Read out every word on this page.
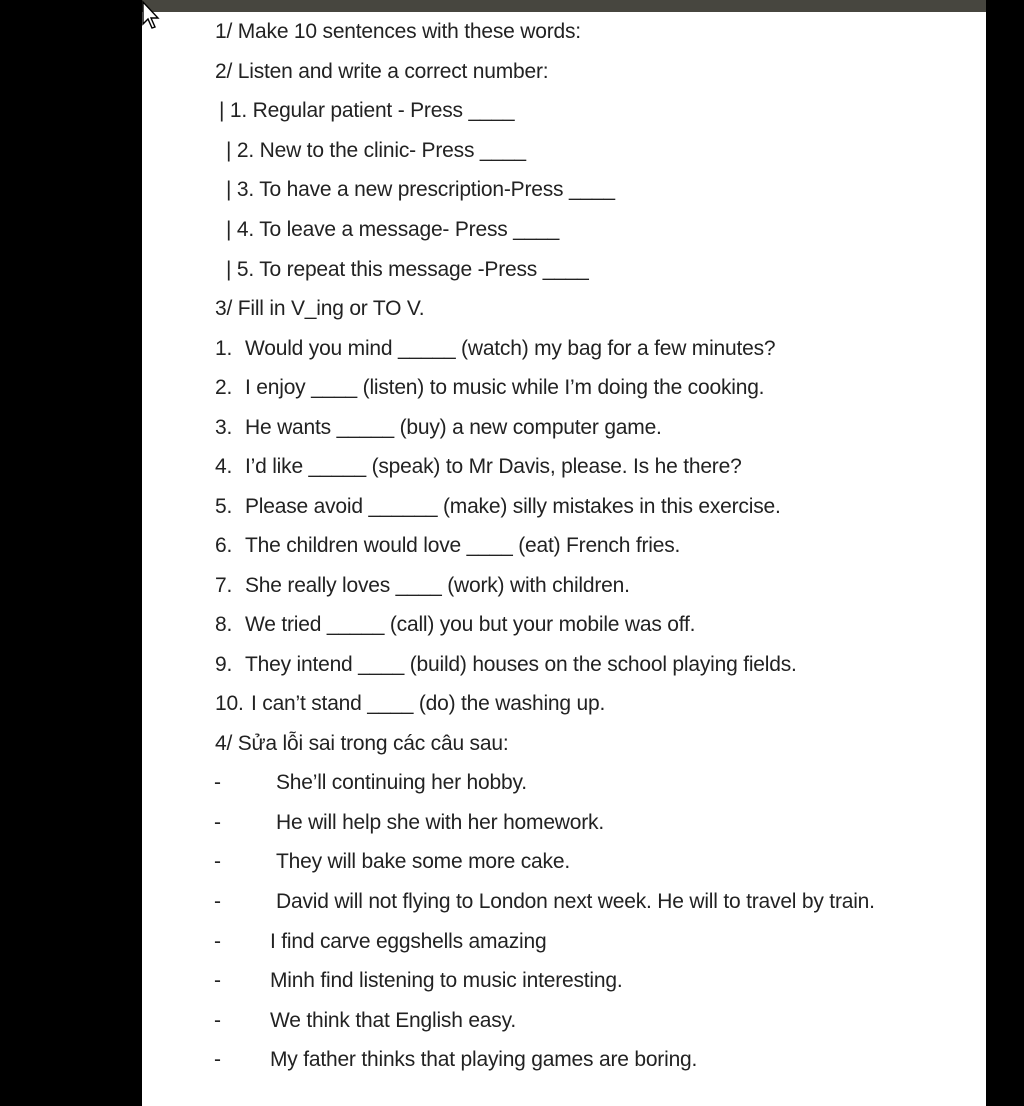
1/ Make 10 sentences with these words:
2/ Listen and write a correct number:
| 1. Regular patient - Press ____
| 2. New to the clinic- Press ____
| 3. To have a new prescription-Press ____
| 4. To leave a message- Press ____
| 5. To repeat this message -Press ____
3/ Fill in V_ing or TO V.
1. Would you mind _____ (watch) my bag for a few minutes?
2. I enjoy ____ (listen) to music while I’m doing the cooking.
3. He wants _____ (buy) a new computer game.
4. I’d like _____ (speak) to Mr Davis, please. Is he there?
5. Please avoid ______ (make) silly mistakes in this exercise.
6. The children would love ____ (eat) French fries.
7. She really loves ____ (work) with children.
8. We tried _____ (call) you but your mobile was off.
9. They intend ____ (build) houses on the school playing fields.
10. I can’t stand ____ (do) the washing up.
4/ Sửa lỗi sai trong các câu sau:
-	She’ll continuing her hobby.
-	He will help she with her homework.
-	They will bake some more cake.
-	David will not flying to London next week. He will to travel by train.
- I find carve eggshells amazing
- Minh find listening to music interesting.
- We think that English easy.
- My father thinks that playing games are boring.
